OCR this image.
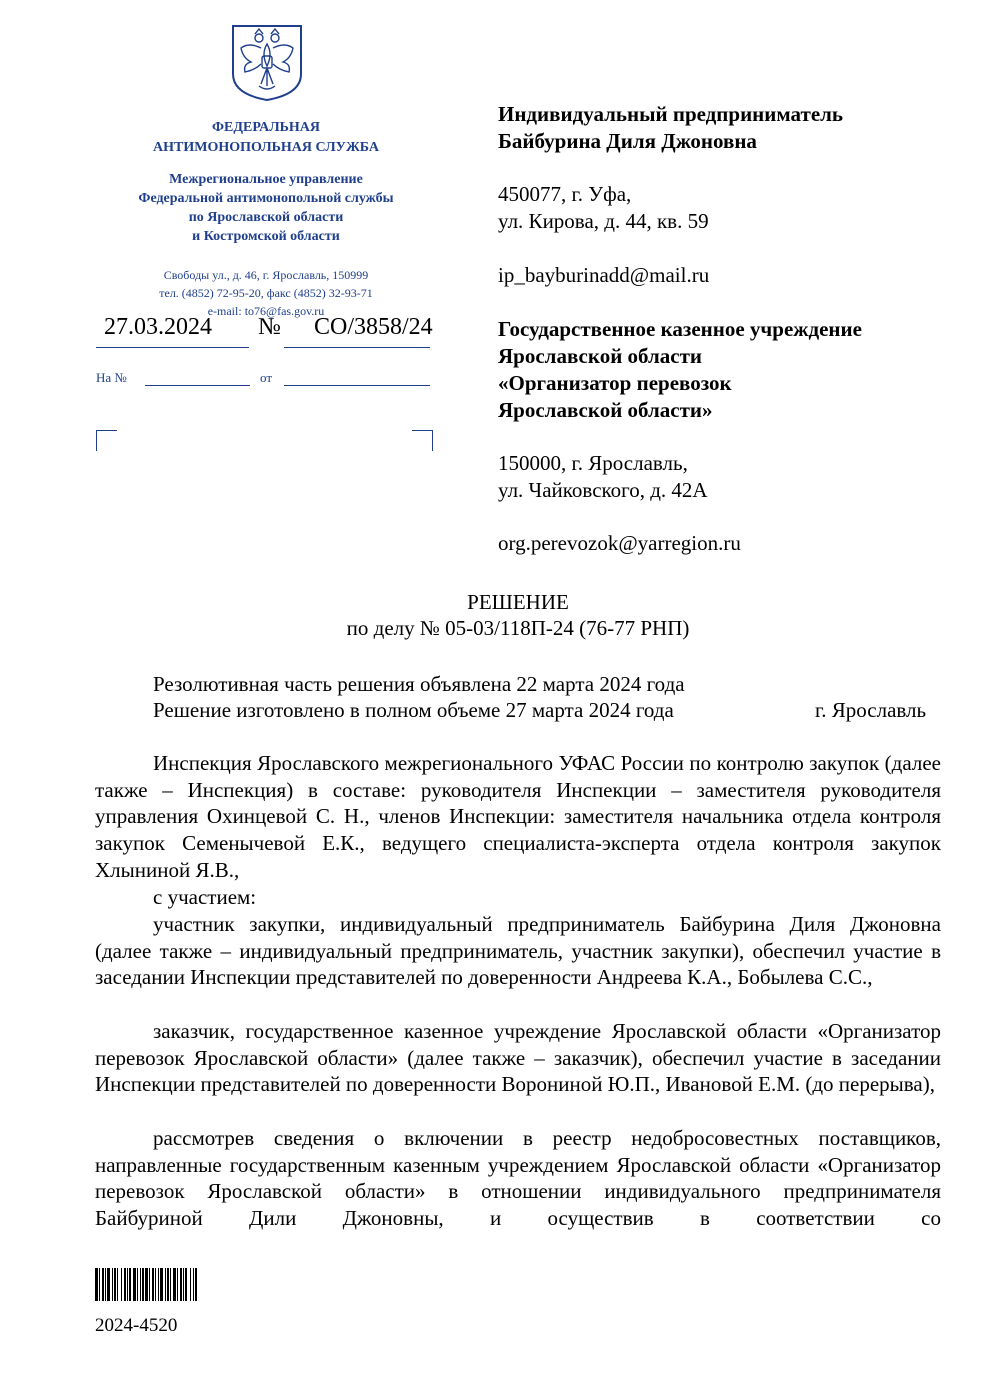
ФЕДЕРАЛЬНАЯ
АНТИМОНОПОЛЬНАЯ СЛУЖБА
Межрегиональное управление
Федеральной антимонопольной службы
по Ярославской области
и Костромской области
Свободы ул., д. 46, г. Ярославль, 150999
тел. (4852) 72-95-20, факс (4852) 32-93-71
e-mail: to76@fas.gov.ru
27.03.2024 № СО/3858/24
На №	от
Индивидуальный предприниматель
Байбурина Диля Джоновна
450077, г. Уфа,
ул. Кирова, д. 44, кв. 59
ip_bayburinadd@mail.ru
Государственное казенное учреждение
Ярославской области
«Организатор перевозок
Ярославской области»
150000, г. Ярославль,
ул. Чайковского, д. 42А
org.perevozok@yarregion.ru
РЕШЕНИЕ
по делу № 05-03/118П-24 (76-77 РНП)
Резолютивная часть решения объявлена 22 марта 2024 года
Решение изготовлено в полном объеме 27 марта 2024 года	г. Ярославль
Инспекция Ярославского межрегионального УФАС России по контролю закупок (далее также – Инспекция) в составе: руководителя Инспекции – заместителя руководителя управления Охинцевой С. Н., членов Инспекции: заместителя начальника отдела контроля закупок Семенычевой Е.К., ведущего специалиста-эксперта отдела контроля закупок Хлыниной Я.В.,
с участием:
участник закупки, индивидуальный предприниматель Байбурина Диля Джоновна (далее также – индивидуальный предприниматель, участник закупки), обеспечил участие в заседании Инспекции представителей по доверенности Андреева К.А., Бобылева С.С.,
заказчик, государственное казенное учреждение Ярославской области «Организатор перевозок Ярославской области» (далее также – заказчик), обеспечил участие в заседании Инспекции представителей по доверенности Ворониной Ю.П., Ивановой Е.М. (до перерыва),
рассмотрев сведения о включении в реестр недобросовестных поставщиков, направленные государственным казенным учреждением Ярославской области «Организатор перевозок Ярославской области» в отношении индивидуального предпринимателя Байбуриной Дили Джоновны, и осуществив в соответствии со
2024-4520
